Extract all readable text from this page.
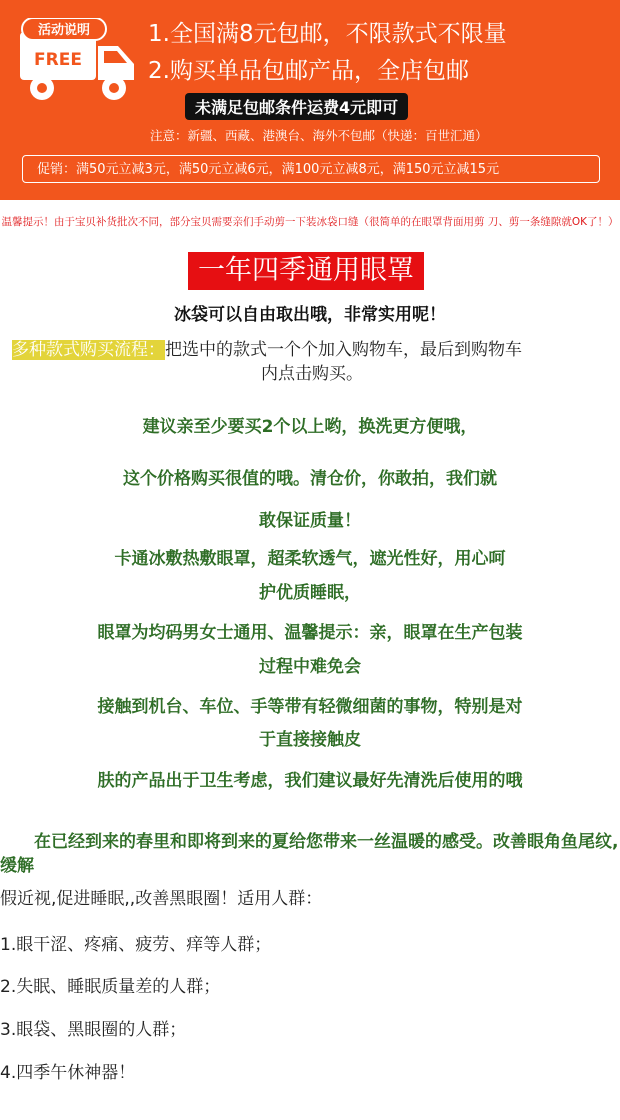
活动说明
FREE
1.全国满8元包邮，不限款式不限量
2.购买单品包邮产品，全店包邮
未满足包邮条件运费4元即可
注意：新疆、西藏、港澳台、海外不包邮（快递：百世汇通）
促销：满50元立减3元，满50元立减6元，满100元立减8元，满150元立减15元
温馨提示！由于宝贝补货批次不同，部分宝贝需要亲们手动剪一下装冰袋口缝（很简单的在眼罩背面用剪 刀、剪一条缝隙就OK了！）
一年四季通用眼罩
冰袋可以自由取出哦，非常实用呢！
多种款式购买流程：把选中的款式一个个加入购物车，最后到购物车
内点击购买。
建议亲至少要买2个以上哟，换洗更方便哦，
这个价格购买很值的哦。清仓价，你敢拍，我们就
敢保证质量！
卡通冰敷热敷眼罩，超柔软透气，遮光性好，用心呵
护优质睡眠，
眼罩为均码男女士通用、温馨提示：亲，眼罩在生产包装
过程中难免会
接触到机台、车位、手等带有轻微细菌的事物，特别是对
于直接接触皮
肤的产品出于卫生考虑，我们建议最好先清洗后使用的哦
在已经到来的春里和即将到来的夏给您带来一丝温暖的感受。改善眼角鱼尾纹,缓解
假近视,促进睡眠,,改善黑眼圈！适用人群：
1.眼干涩、疼痛、疲劳、痒等人群；
2.失眠、睡眠质量差的人群；
3.眼袋、黑眼圈的人群；
4.四季午休神器！
